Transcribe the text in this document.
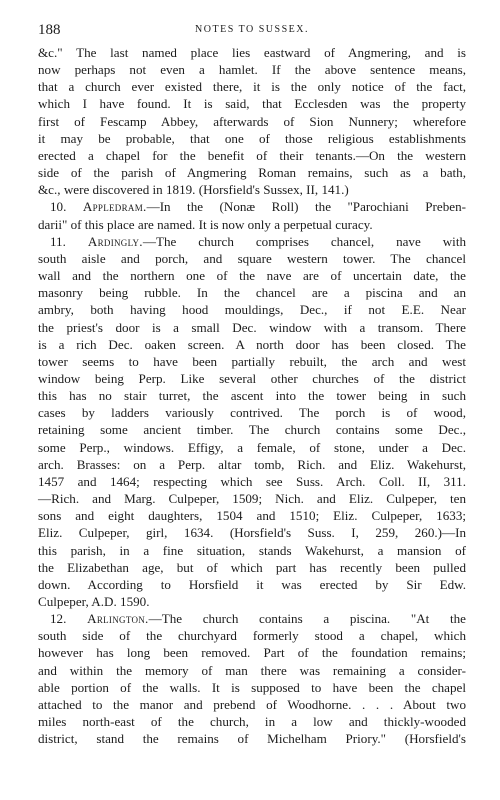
188	NOTES TO SUSSEX.

&c." The last named place lies eastward of Angmering, and is
now perhaps not even a hamlet. If the above sentence means,
that a church ever existed there, it is the only notice of the fact,
which I have found. It is said, that Ecclesden was the property
first of Fescamp Abbey, afterwards of Sion Nunnery; wherefore
it may be probable, that one of those religious establishments
erected a chapel for the benefit of their tenants.—On the western
side of the parish of Angmering Roman remains, such as a bath,
&c., were discovered in 1819. (Horsfield's Sussex, II, 141.)

10. Appledram.—In the (Nonæ Roll) the "Parochiani Preben-
darii" of this place are named. It is now only a perpetual curacy.

11. Ardingly.—The church comprises chancel, nave with
south aisle and porch, and square western tower. The chancel
wall and the northern one of the nave are of uncertain date, the
masonry being rubble. In the chancel are a piscina and an
ambry, both having hood mouldings, Dec., if not E.E. Near
the priest's door is a small Dec. window with a transom. There
is a rich Dec. oaken screen. A north door has been closed. The
tower seems to have been partially rebuilt, the arch and west
window being Perp. Like several other churches of the district
this has no stair turret, the ascent into the tower being in such
cases by ladders variously contrived. The porch is of wood,
retaining some ancient timber. The church contains some Dec.,
some Perp., windows. Effigy, a female, of stone, under a Dec.
arch. Brasses: on a Perp. altar tomb, Rich. and Eliz. Wakehurst,
1457 and 1464; respecting which see Suss. Arch. Coll. II, 311.
—Rich. and Marg. Culpeper, 1509; Nich. and Eliz. Culpeper, ten
sons and eight daughters, 1504 and 1510; Eliz. Culpeper, 1633;
Eliz. Culpeper, girl, 1634. (Horsfield's Suss. I, 259, 260.)—In
this parish, in a fine situation, stands Wakehurst, a mansion of
the Elizabethan age, but of which part has recently been pulled
down. According to Horsfield it was erected by Sir Edw.
Culpeper, A.D. 1590.

12. Arlington.—The church contains a piscina. "At the
south side of the churchyard formerly stood a chapel, which
however has long been removed. Part of the foundation remains;
and within the memory of man there was remaining a consider-
able portion of the walls. It is supposed to have been the chapel
attached to the manor and prebend of Woodhorne. . . . About two
miles north-east of the church, in a low and thickly-wooded
district, stand the remains of Michelham Priory." (Horsfield's
